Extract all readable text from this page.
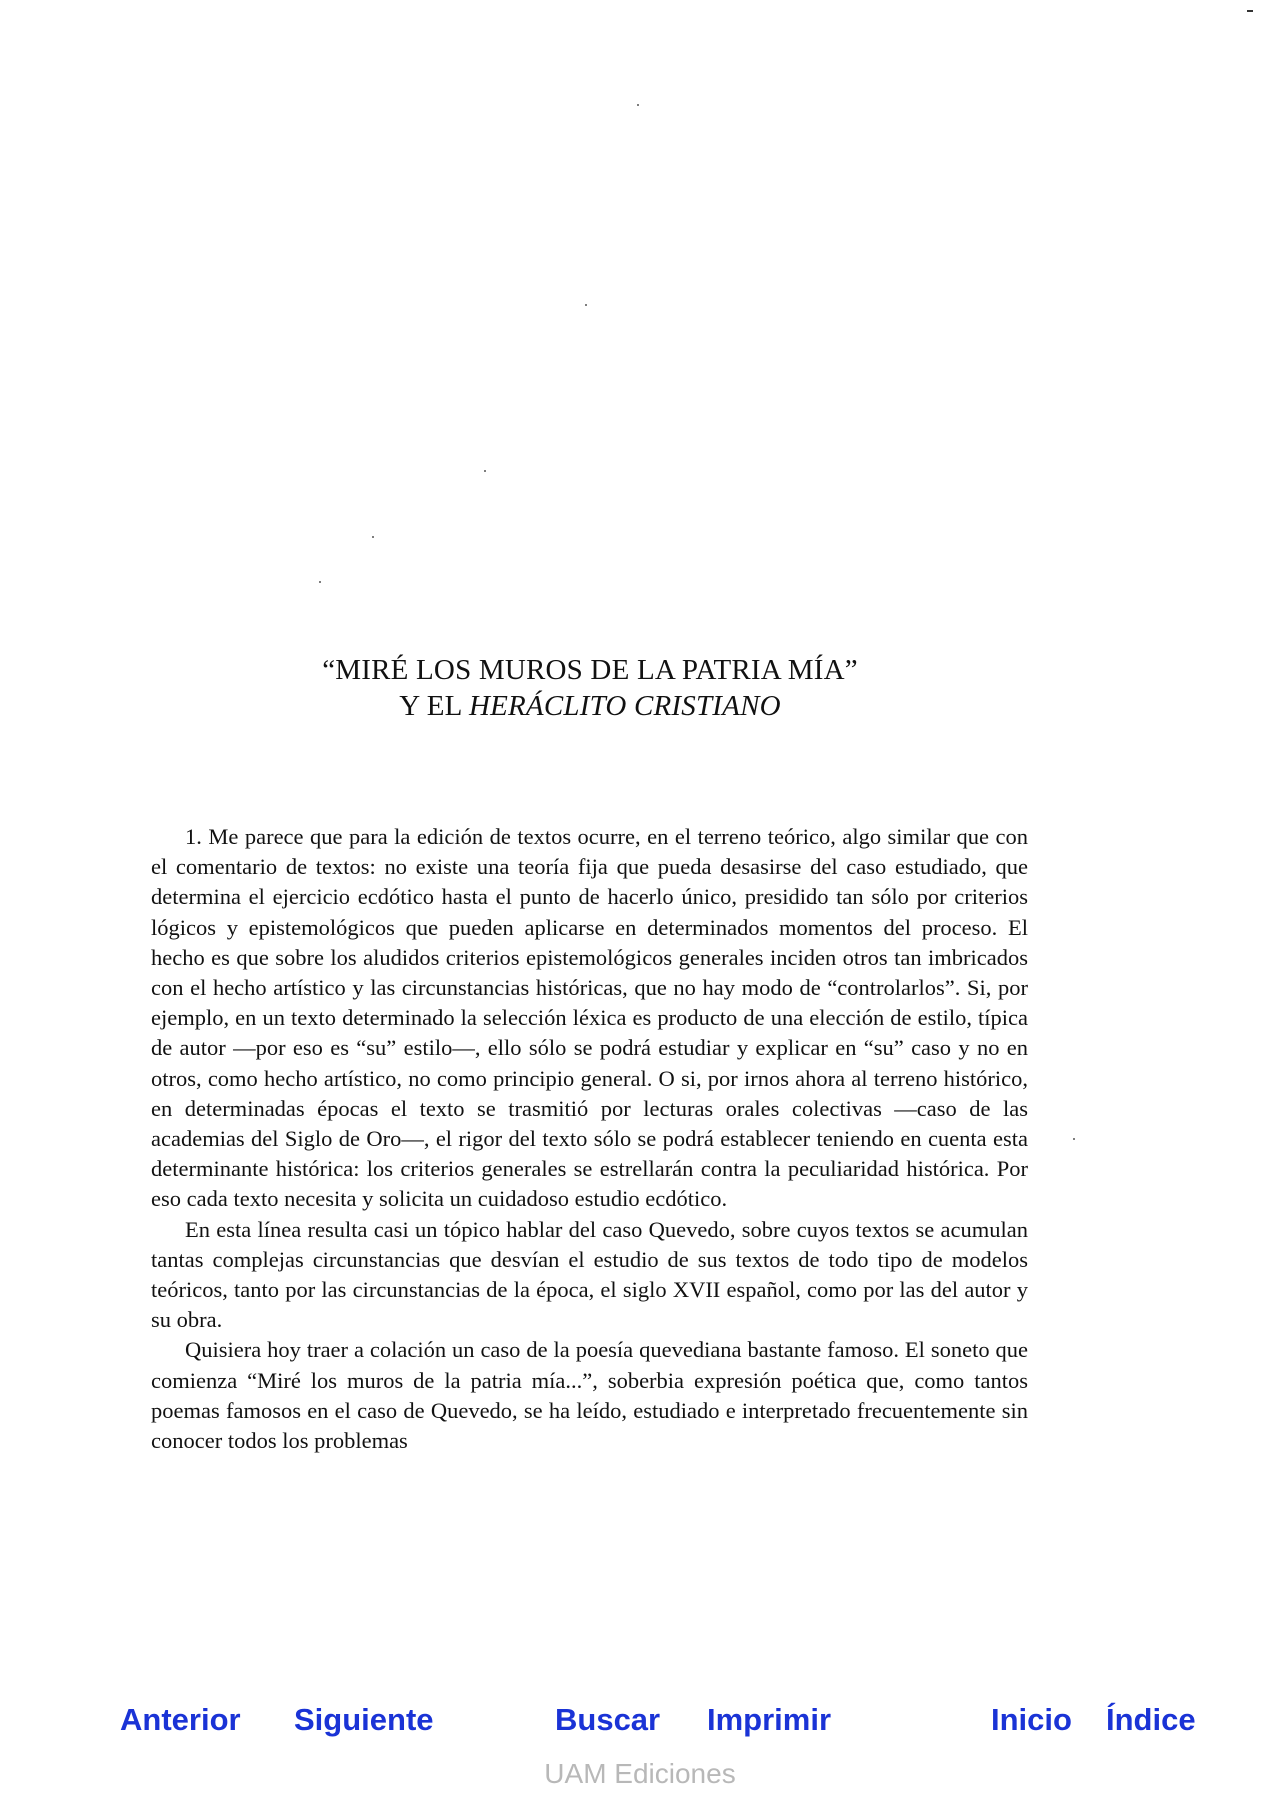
“MIRÉ LOS MUROS DE LA PATRIA MÍA”
Y EL HERÁCLITO CRISTIANO

1. Me parece que para la edición de textos ocurre, en el terreno teórico, algo similar que con el comentario de textos: no existe una teoría fija que pueda desasirse del caso estudiado, que determina el ejercicio ecdótico hasta el punto de hacerlo único, presidido tan sólo por criterios lógicos y epistemológicos que pueden aplicarse en determinados momentos del proceso. El hecho es que sobre los aludidos criterios epistemológicos generales inciden otros tan imbricados con el hecho artístico y las circunstancias históricas, que no hay modo de “controlarlos”. Si, por ejemplo, en un texto determinado la selección léxica es producto de una elección de estilo, típica de autor —por eso es “su” estilo—, ello sólo se podrá estudiar y explicar en “su” caso y no en otros, como hecho artístico, no como principio general. O si, por irnos ahora al terreno histórico, en determinadas épocas el texto se trasmitió por lecturas orales colectivas —caso de las academias del Siglo de Oro—, el rigor del texto sólo se podrá establecer teniendo en cuenta esta determinante histórica: los criterios generales se estrellarán contra la peculiaridad histórica. Por eso cada texto necesita y solicita un cuidadoso estudio ecdótico.

En esta línea resulta casi un tópico hablar del caso Quevedo, sobre cuyos textos se acumulan tantas complejas circunstancias que desvían el estudio de sus textos de todo tipo de modelos teóricos, tanto por las circunstancias de la época, el siglo XVII español, como por las del autor y su obra.

Quisiera hoy traer a colación un caso de la poesía quevediana bastante famoso. El soneto que comienza “Miré los muros de la patria mía...”, soberbia expresión poética que, como tantos poemas famosos en el caso de Quevedo, se ha leído, estudiado e interpretado frecuentemente sin conocer todos los problemas

Anterior Siguiente	Buscar Imprimir	Inicio Índice
UAM Ediciones
